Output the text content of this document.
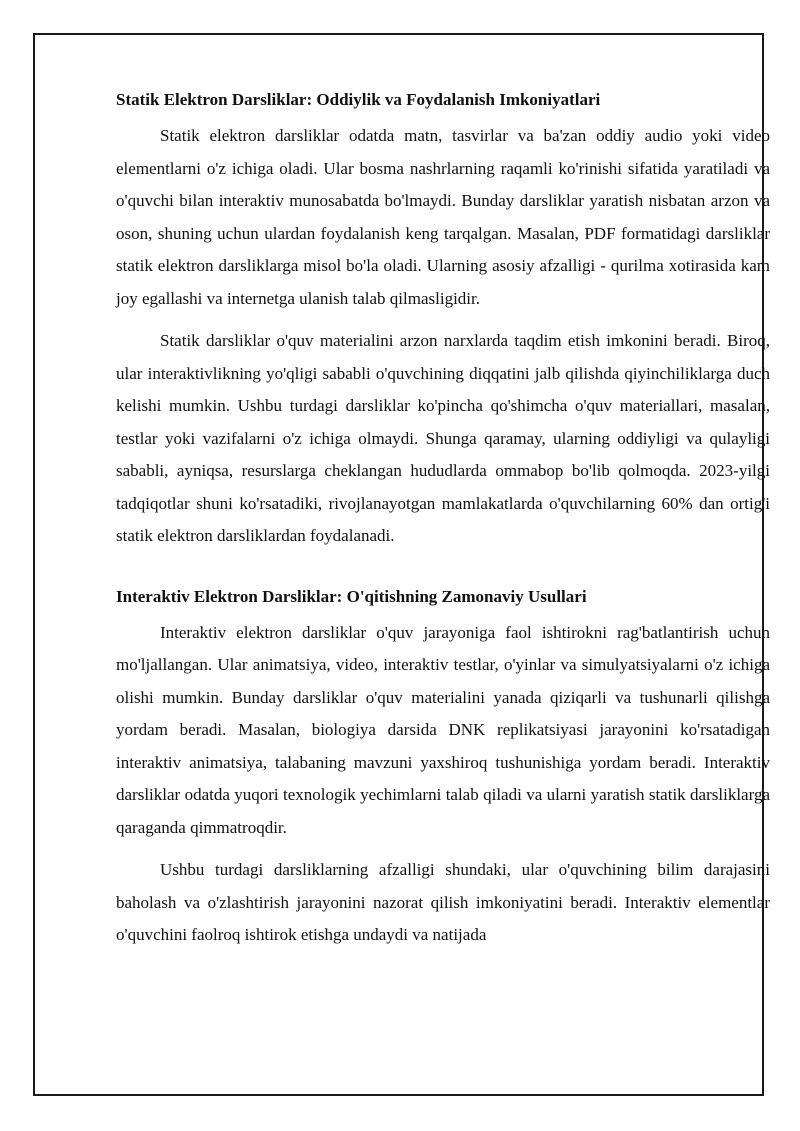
Statik Elektron Darsliklar: Oddiylik va Foydalanish Imkoniyatlari

Statik elektron darsliklar odatda matn, tasvirlar va ba'zan oddiy audio yoki video elementlarni o'z ichiga oladi. Ular bosma nashrlarning raqamli ko'rinishi sifatida yaratiladi va o'quvchi bilan interaktiv munosabatda bo'lmaydi. Bunday darsliklar yaratish nisbatan arzon va oson, shuning uchun ulardan foydalanish keng tarqalgan. Masalan, PDF formatidagi darsliklar statik elektron darsliklarga misol bo'la oladi. Ularning asosiy afzalligi - qurilma xotirasida kam joy egallashi va internetga ulanish talab qilmasligidir.

Statik darsliklar o'quv materialini arzon narxlarda taqdim etish imkonini beradi. Biroq, ular interaktivlikning yo'qligi sababli o'quvchining diqqatini jalb qilishda qiyinchiliklarga duch kelishi mumkin. Ushbu turdagi darsliklar ko'pincha qo'shimcha o'quv materiallari, masalan, testlar yoki vazifalarni o'z ichiga olmaydi. Shunga qaramay, ularning oddiyligi va qulayligi sababli, ayniqsa, resurslarga cheklangan hududlarda ommabop bo'lib qolmoqda. 2023-yilgi tadqiqotlar shuni ko'rsatadiki, rivojlanayotgan mamlakatlarda o'quvchilarning 60% dan ortig'i statik elektron darsliklardan foydalanadi.

Interaktiv Elektron Darsliklar: O'qitishning Zamonaviy Usullari

Interaktiv elektron darsliklar o'quv jarayoniga faol ishtirokni rag'batlantirish uchun mo'ljallangan. Ular animatsiya, video, interaktiv testlar, o'yinlar va simulyatsiyalarni o'z ichiga olishi mumkin. Bunday darsliklar o'quv materialini yanada qiziqarli va tushunarli qilishga yordam beradi. Masalan, biologiya darsida DNK replikatsiyasi jarayonini ko'rsatadigan interaktiv animatsiya, talabaning mavzuni yaxshiroq tushunishiga yordam beradi. Interaktiv darsliklar odatda yuqori texnologik yechimlarni talab qiladi va ularni yaratish statik darsliklarga qaraganda qimmatroqdir.

Ushbu turdagi darsliklarning afzalligi shundaki, ular o'quvchining bilim darajasini baholash va o'zlashtirish jarayonini nazorat qilish imkoniyatini beradi. Interaktiv elementlar o'quvchini faolroq ishtirok etishga undaydi va natijada
